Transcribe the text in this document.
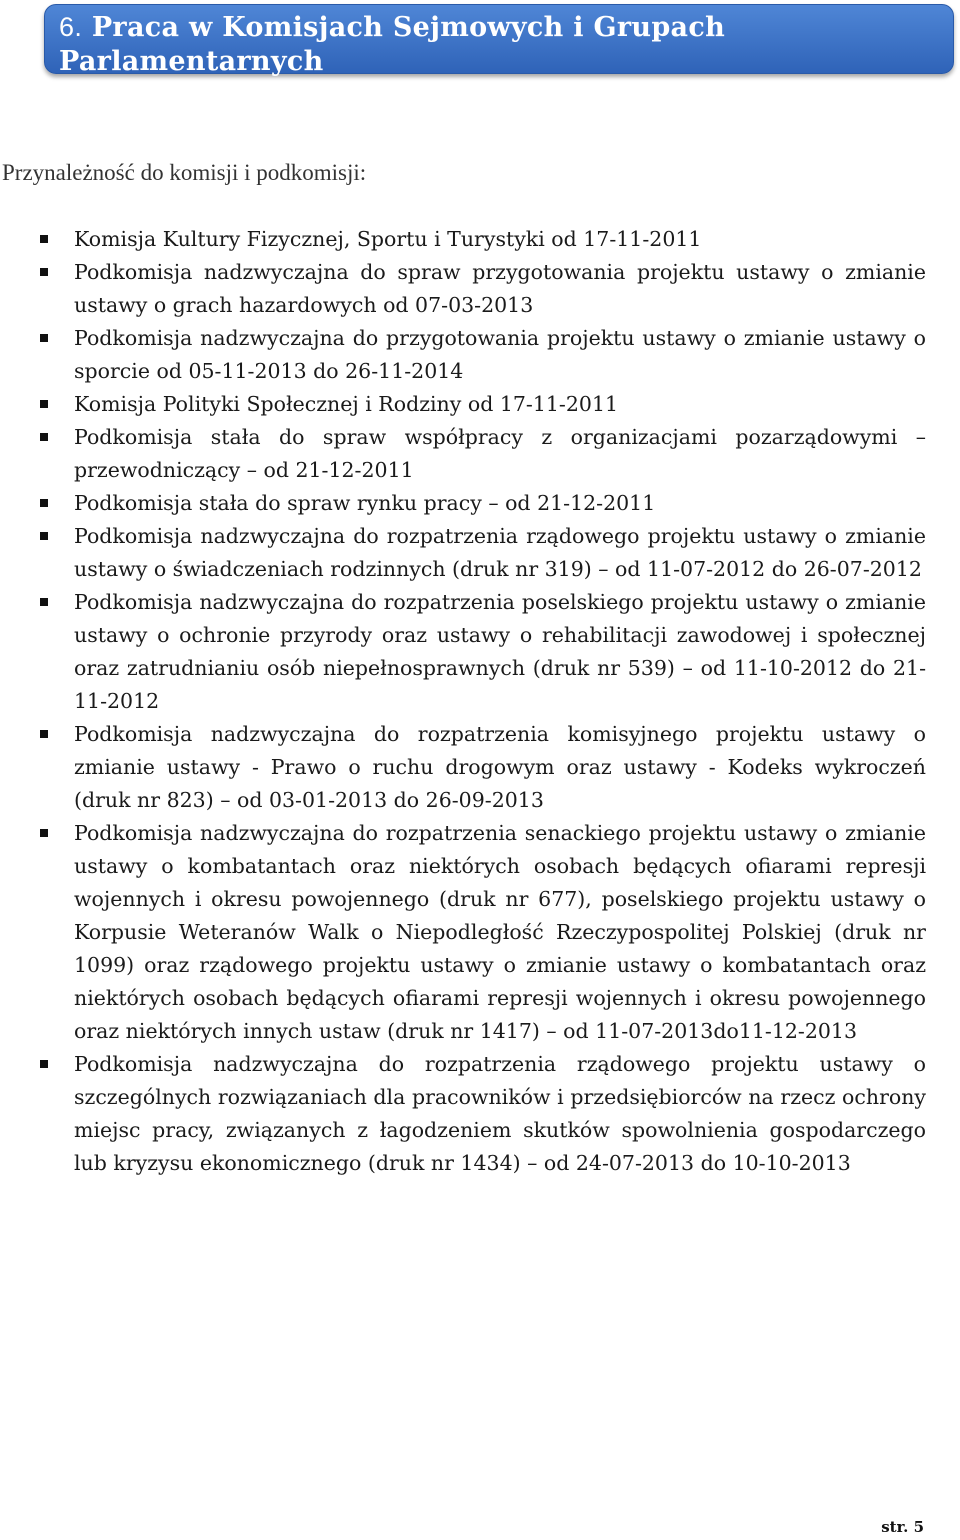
6. Praca w Komisjach Sejmowych i Grupach Parlamentarnych
Przynależność do komisji i podkomisji:
Komisja Kultury Fizycznej, Sportu i Turystyki od 17-11-2011
Podkomisja nadzwyczajna do spraw przygotowania projektu ustawy o zmianie ustawy o grach hazardowych od 07-03-2013
Podkomisja nadzwyczajna do przygotowania projektu ustawy o zmianie ustawy o sporcie od 05-11-2013 do 26-11-2014
Komisja Polityki Społecznej i Rodziny od 17-11-2011
Podkomisja stała do spraw współpracy z organizacjami pozarządowymi – przewodniczący – od 21-12-2011
Podkomisja stała do spraw rynku pracy – od 21-12-2011
Podkomisja nadzwyczajna do rozpatrzenia rządowego projektu ustawy o zmianie ustawy o świadczeniach rodzinnych (druk nr 319) – od 11-07-2012 do 26-07-2012
Podkomisja nadzwyczajna do rozpatrzenia poselskiego projektu ustawy o zmianie ustawy o ochronie przyrody oraz ustawy o rehabilitacji zawodowej i społecznej oraz zatrudnianiu osób niepełnosprawnych (druk nr 539) – od 11-10-2012 do 21-11-2012
Podkomisja nadzwyczajna do rozpatrzenia komisyjnego projektu ustawy o zmianie ustawy - Prawo o ruchu drogowym oraz ustawy - Kodeks wykroczeń (druk nr 823) – od 03-01-2013 do 26-09-2013
Podkomisja nadzwyczajna do rozpatrzenia senackiego projektu ustawy o zmianie ustawy o kombatantach oraz niektórych osobach będących ofiarami represji wojennych i okresu powojennego (druk nr 677), poselskiego projektu ustawy o Korpusie Weteranów Walk o Niepodległość Rzeczypospolitej Polskiej (druk nr 1099) oraz rządowego projektu ustawy o zmianie ustawy o kombatantach oraz niektórych osobach będących ofiarami represji wojennych i okresu powojennego oraz niektórych innych ustaw (druk nr 1417) – od 11-07-2013do11-12-2013
Podkomisja nadzwyczajna do rozpatrzenia rządowego projektu ustawy o szczególnych rozwiązaniach dla pracowników i przedsiębiorców na rzecz ochrony miejsc pracy, związanych z łagodzeniem skutków spowolnienia gospodarczego lub kryzysu ekonomicznego (druk nr 1434) – od 24-07-2013 do 10-10-2013
str. 5
